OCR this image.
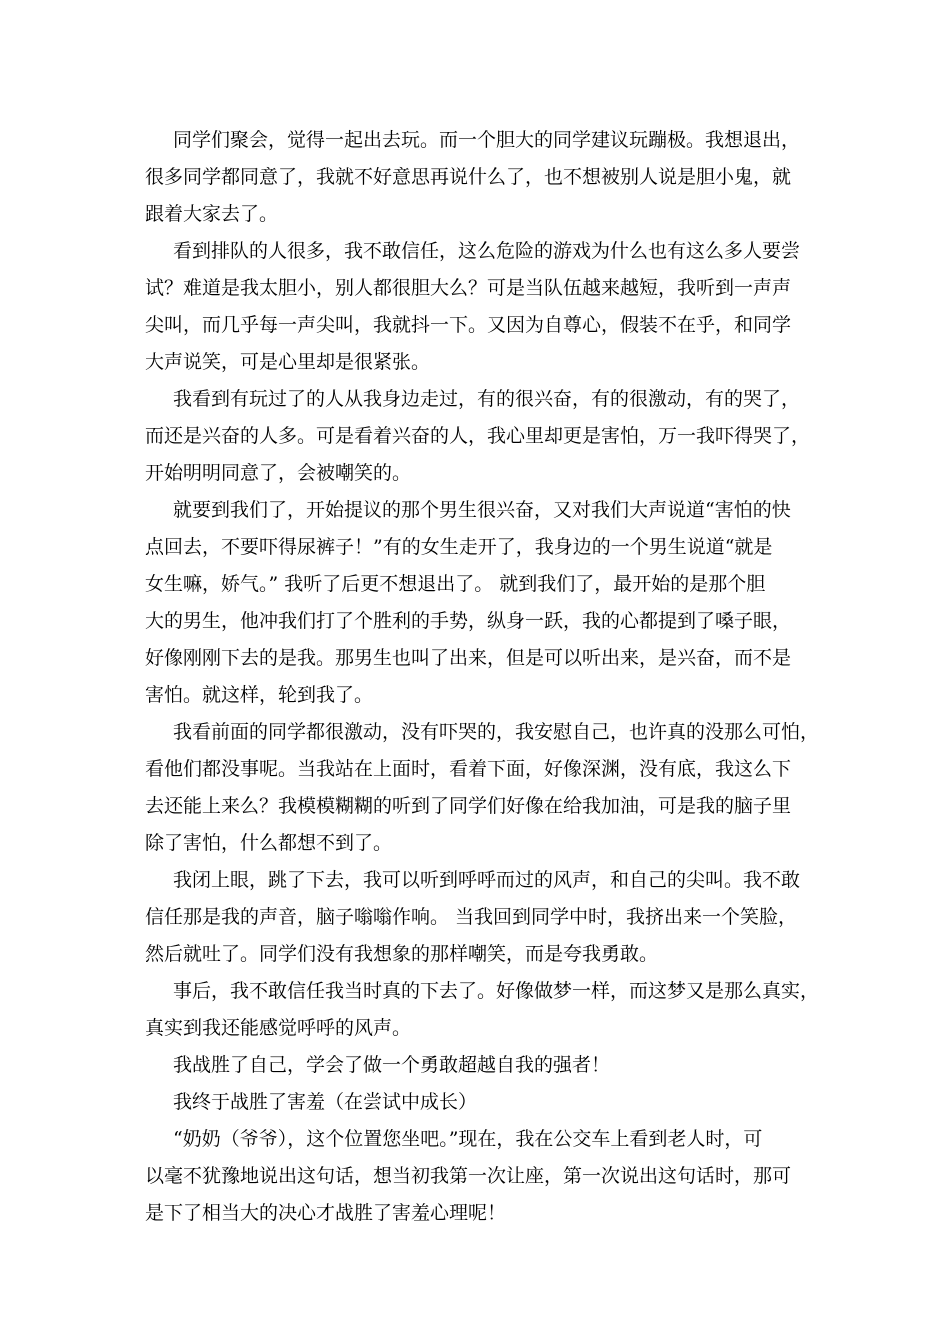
同学们聚会，觉得一起出去玩。而一个胆大的同学建议玩蹦极。我想退出，
很多同学都同意了，我就不好意思再说什么了，也不想被别人说是胆小鬼，就
跟着大家去了。
看到排队的人很多，我不敢信任，这么危险的游戏为什么也有这么多人要尝
试？难道是我太胆小，别人都很胆大么？可是当队伍越来越短，我听到一声声
尖叫，而几乎每一声尖叫，我就抖一下。又因为自尊心，假装不在乎，和同学
大声说笑，可是心里却是很紧张。
我看到有玩过了的人从我身边走过，有的很兴奋，有的很激动，有的哭了，
而还是兴奋的人多。可是看着兴奋的人，我心里却更是害怕，万一我吓得哭了，
开始明明同意了，会被嘲笑的。
就要到我们了，开始提议的那个男生很兴奋，又对我们大声说道“害怕的快
点回去，不要吓得尿裤子！”有的女生走开了，我身边的一个男生说道“就是
女生嘛，娇气。” 我听了后更不想退出了。 就到我们了，最开始的是那个胆
大的男生，他冲我们打了个胜利的手势，纵身一跃，我的心都提到了嗓子眼，
好像刚刚下去的是我。那男生也叫了出来，但是可以听出来，是兴奋，而不是
害怕。就这样，轮到我了。
我看前面的同学都很激动，没有吓哭的，我安慰自己，也许真的没那么可怕，
看他们都没事呢。当我站在上面时，看着下面，好像深渊，没有底，我这么下
去还能上来么？我模模糊糊的听到了同学们好像在给我加油，可是我的脑子里
除了害怕，什么都想不到了。
我闭上眼，跳了下去，我可以听到呼呼而过的风声，和自己的尖叫。我不敢
信任那是我的声音，脑子嗡嗡作响。 当我回到同学中时，我挤出来一个笑脸，
然后就吐了。同学们没有我想象的那样嘲笑，而是夸我勇敢。
事后，我不敢信任我当时真的下去了。好像做梦一样，而这梦又是那么真实，
真实到我还能感觉呼呼的风声。
我战胜了自己，学会了做一个勇敢超越自我的强者！
我终于战胜了害羞（在尝试中成长）
“奶奶（爷爷），这个位置您坐吧。”现在，我在公交车上看到老人时，可
以毫不犹豫地说出这句话，想当初我第一次让座，第一次说出这句话时，那可
是下了相当大的决心才战胜了害羞心理呢！
